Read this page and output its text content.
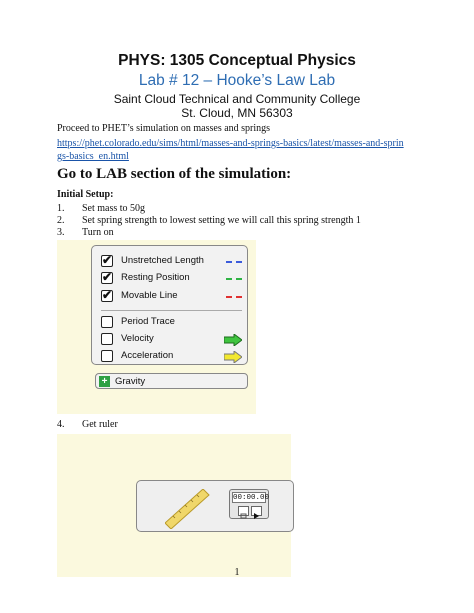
PHYS: 1305 Conceptual Physics
Lab # 12 – Hooke’s Law Lab
Saint Cloud Technical and Community College
St. Cloud, MN 56303
Proceed to PHET’s simulation on masses and springs
https://phet.colorado.edu/sims/html/masses-and-springs-basics/latest/masses-and-springs-basics_en.html
Go to LAB section of the simulation:
Initial Setup:
1. Set mass to 50g
2. Set spring strength to lowest setting we will call this spring strength 1
3. Turn on
✔ Unstretched Length
✔ Resting Position
✔ Movable Line
Period Trace
Velocity
Acceleration
+ Gravity
4. Get ruler
00:00.00
1
